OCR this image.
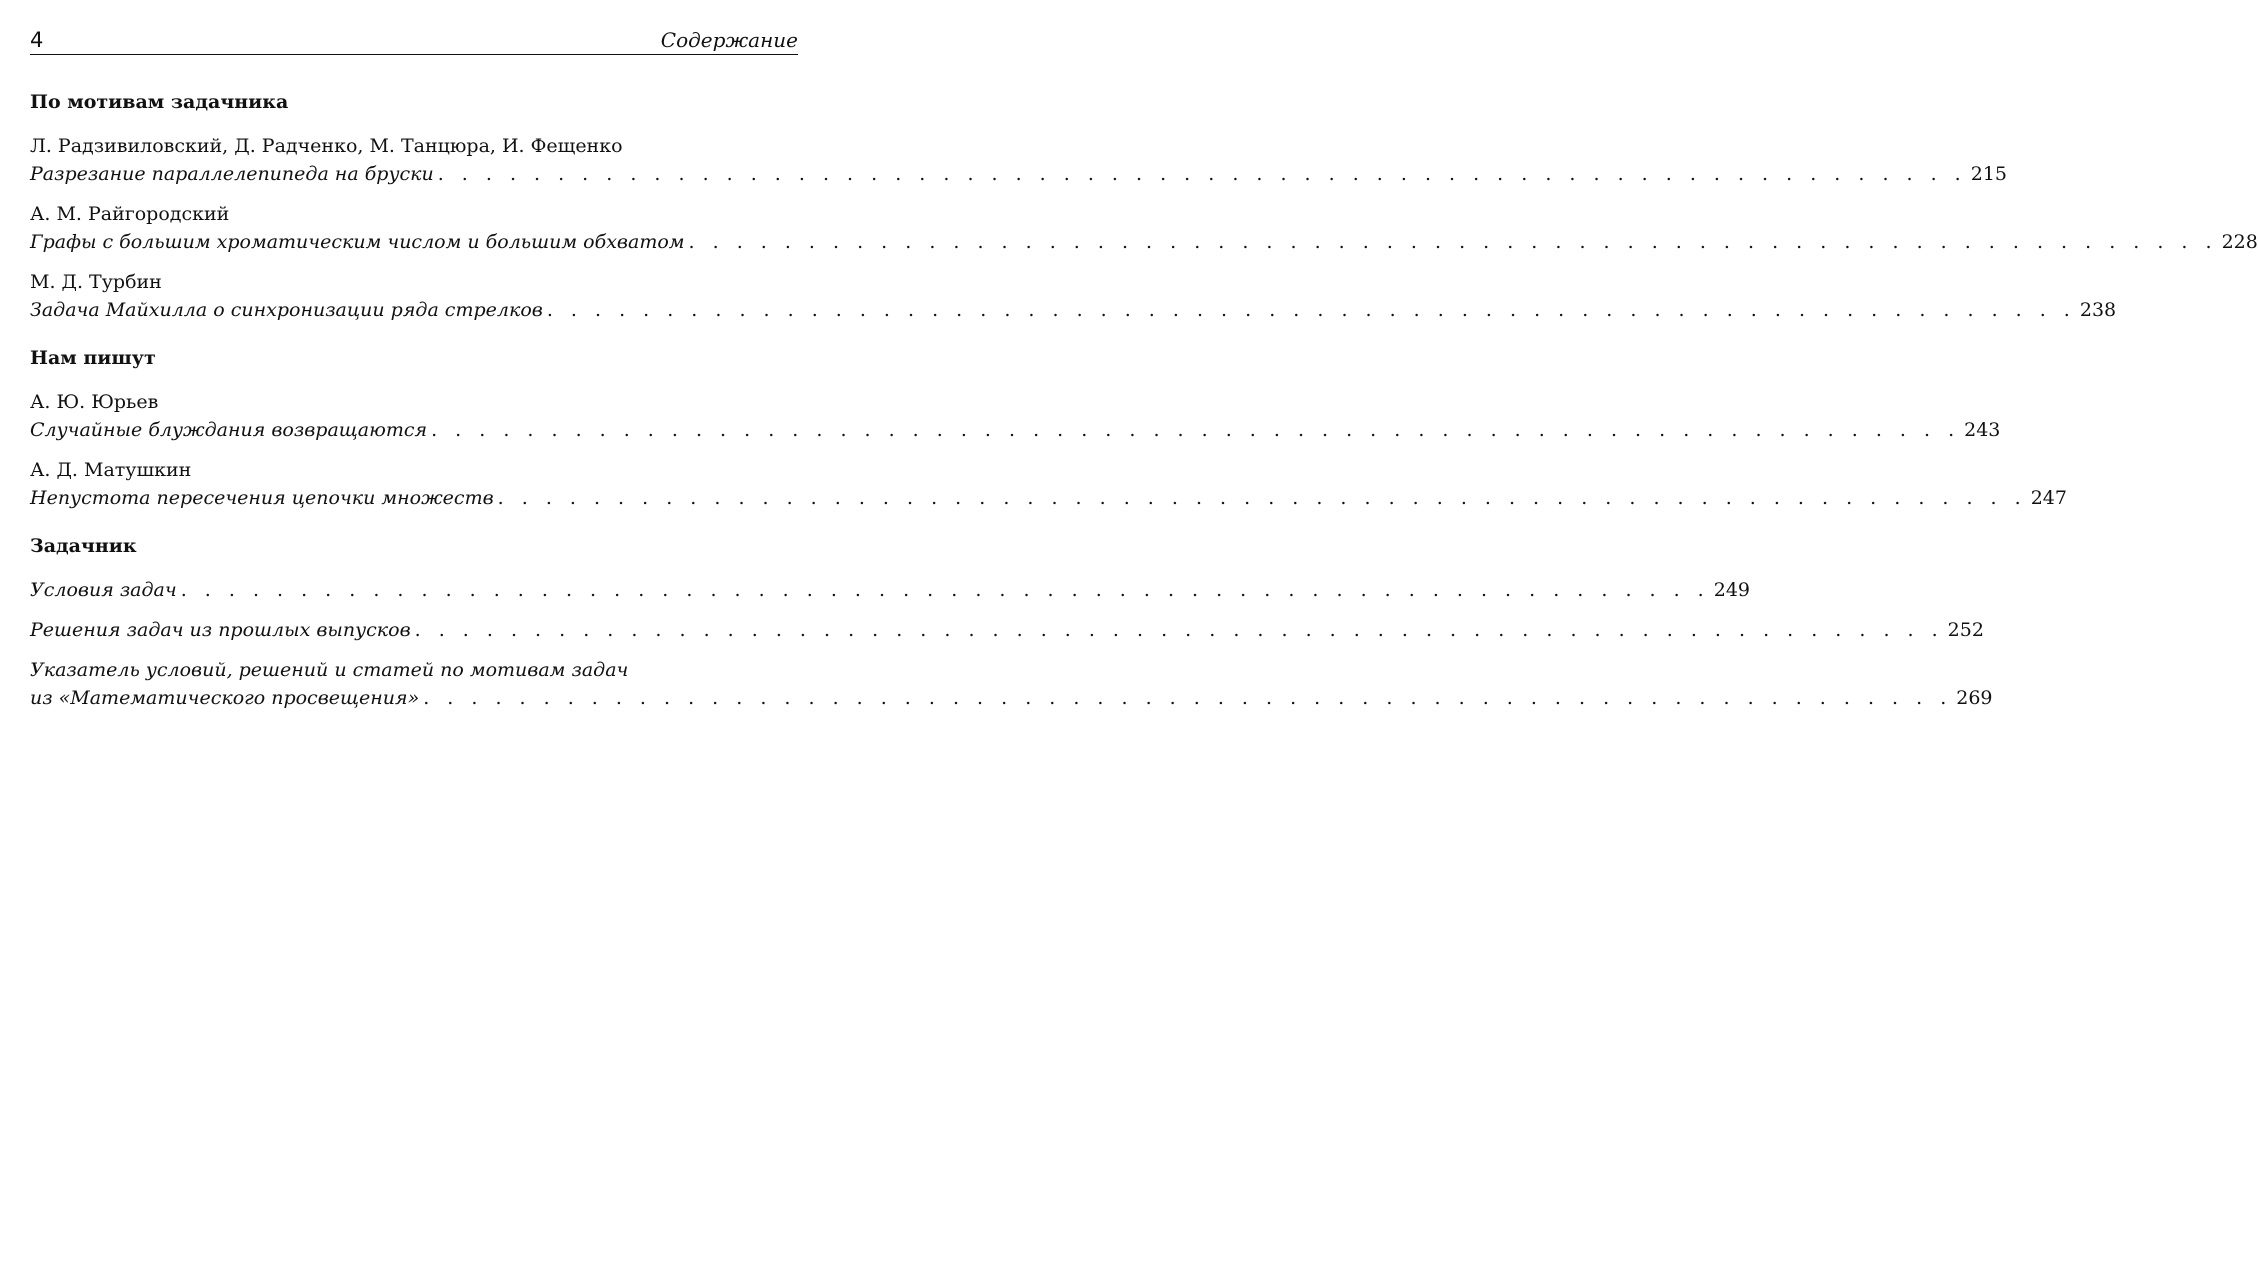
4	Содержание
По мотивам задачника
Л. Радзивиловский, Д. Радченко, М. Танцюра, И. Фещенко
Разрезание параллелепипеда на бруски . . . . . . . . . . . . . . . . . . . . . . . . . . . . . . . . . . . . . . . . . . . . . . . . . . . . . . . . . . . . . . . . 215
А. М. Райгородский
Графы с большим хроматическим числом и большим обхватом . . . . . . . . . . . . . . . . . . . . . . . . . . . . . . . . . . . . . . . . . . . . . . . . . . . . . . . . . . . . . . . . 228
М. Д. Турбин
Задача Майхилла о синхронизации ряда стрелков . . . . . . . . . . . . . . . . . . . . . . . . . . . . . . . . . . . . . . . . . . . . . . . . . . . . . . . . . . . . . . . . 238
Нам пишут
А. Ю. Юрьев
Случайные блуждания возвращаются . . . . . . . . . . . . . . . . . . . . . . . . . . . . . . . . . . . . . . . . . . . . . . . . . . . . . . . . . . . . . . . . 243
А. Д. Матушкин
Непустота пересечения цепочки множеств . . . . . . . . . . . . . . . . . . . . . . . . . . . . . . . . . . . . . . . . . . . . . . . . . . . . . . . . . . . . . . . . 247
Задачник
Условия задач . . . . . . . . . . . . . . . . . . . . . . . . . . . . . . . . . . . . . . . . . . . . . . . . . . . . . . . . . . . . . . . . 249
Решения задач из прошлых выпусков . . . . . . . . . . . . . . . . . . . . . . . . . . . . . . . . . . . . . . . . . . . . . . . . . . . . . . . . . . . . . . . . 252
Указатель условий, решений и статей по мотивам задач
из «Математического просвещения» . . . . . . . . . . . . . . . . . . . . . . . . . . . . . . . . . . . . . . . . . . . . . . . . . . . . . . . . . . . . . . . . 269
